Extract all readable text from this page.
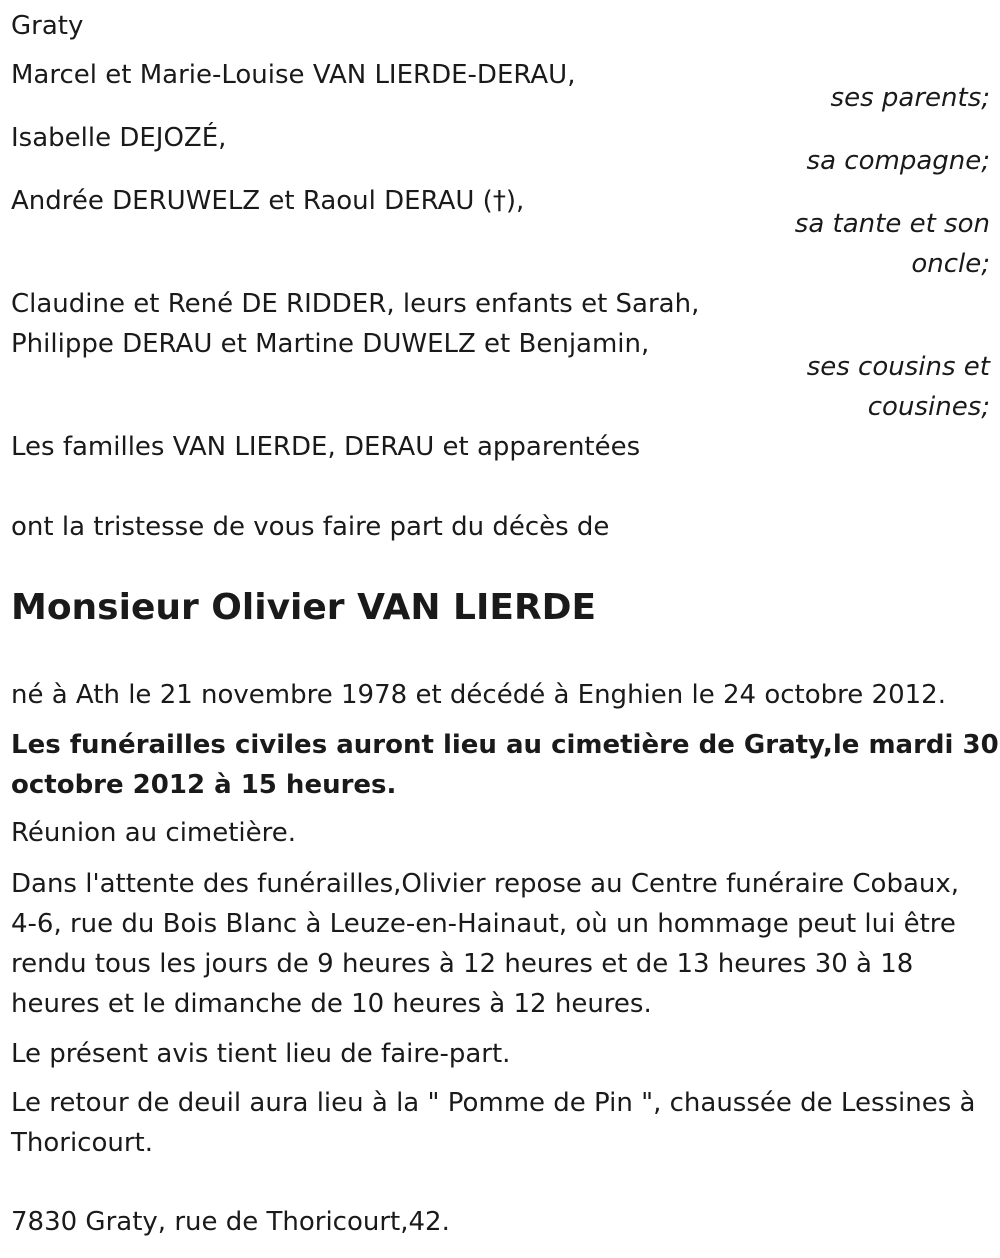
Graty

Marcel et Marie-Louise VAN LIERDE-DERAU,

ses parents;

Isabelle DEJOZÉ,

sa compagne;

Andrée DERUWELZ et Raoul DERAU (†),

sa tante et son

oncle;

Claudine et René DE RIDDER, leurs enfants et Sarah,

Philippe DERAU et Martine DUWELZ et Benjamin,

ses cousins et

cousines;

Les familles VAN LIERDE, DERAU et apparentées

ont la tristesse de vous faire part du décès de

Monsieur Olivier VAN LIERDE

né à Ath le 21 novembre 1978 et décédé à Enghien le 24 octobre 2012.

Les funérailles civiles auront lieu au cimetière de Graty,le mardi 30

octobre 2012 à 15 heures.

Réunion au cimetière.

Dans l'attente des funérailles,Olivier repose au Centre funéraire Cobaux,

4-6, rue du Bois Blanc à Leuze-en-Hainaut, où un hommage peut lui être

rendu tous les jours de 9 heures à 12 heures et de 13 heures 30 à 18

heures et le dimanche de 10 heures à 12 heures.

Le présent avis tient lieu de faire-part.

Le retour de deuil aura lieu à la " Pomme de Pin ", chaussée de Lessines à

Thoricourt.

7830 Graty, rue de Thoricourt,42.
